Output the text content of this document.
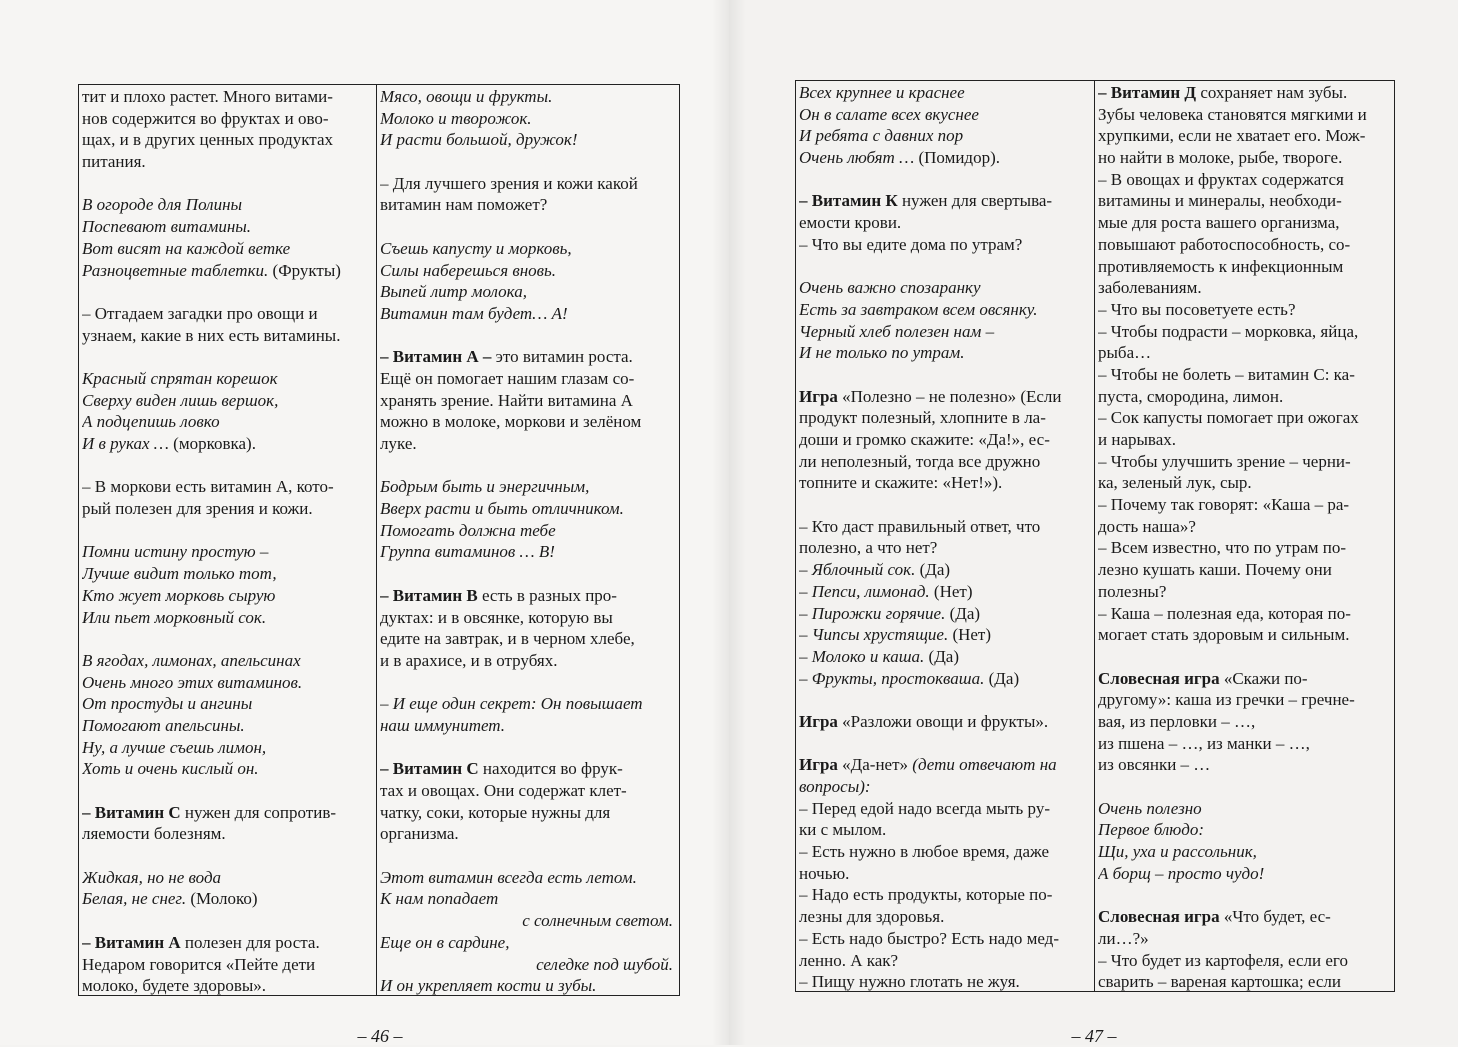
тит и плохо растет. Много витами-
нов содержится во фруктах и ово-
щах, и в других ценных продуктах
питания.
В огороде для Полины
Поспевают витамины.
Вот висят на каждой ветке
Разноцветные таблетки. (Фрукты)
– Отгадаем загадки про овощи и
узнаем, какие в них есть витамины.
Красный спрятан корешок
Сверху виден лишь вершок,
А подцепишь ловко
И в руках … (морковка).
– В моркови есть витамин А, кото-
рый полезен для зрения и кожи.
Помни истину простую –
Лучше видит только тот,
Кто жует морковь сырую
Или пьет морковный сок.
В ягодах, лимонах, апельсинах
Очень много этих витаминов.
От простуды и ангины
Помогают апельсины.
Ну, а лучше съешь лимон,
Хоть и очень кислый он.
– Витамин С нужен для сопротив-
ляемости болезням.
Жидкая, но не вода
Белая, не снег. (Молоко)
– Витамин А полезен для роста.
Недаром говорится «Пейте дети
молоко, будете здоровы».
Мясо, овощи и фрукты.
Молоко и творожок.
И расти большой, дружок!
– Для лучшего зрения и кожи какой
витамин нам поможет?
Съешь капусту и морковь,
Силы наберешься вновь.
Выпей литр молока,
Витамин там будет… А!
– Витамин А – это витамин роста.
Ещё он помогает нашим глазам со-
хранять зрение. Найти витамина А
можно в молоке, моркови и зелёном
луке.
Бодрым быть и энергичным,
Вверх расти и быть отличником.
Помогать должна тебе
Группа витаминов … В!
– Витамин В есть в разных про-
дуктах: и в овсянке, которую вы
едите на завтрак, и в черном хлебе,
и в арахисе, и в отрубях.
– И еще один секрет: Он повышает
наш иммунитет.
– Витамин С находится во фрук-
тах и овощах. Они содержат клет-
чатку, соки, которые нужны для
организма.
Этот витамин всегда есть летом.
К нам попадает
с солнечным светом.
Еще он в сардине,
селедке под шубой.
И он укрепляет кости и зубы.
– 46 –
Всех крупнее и краснее
Он в салате всех вкуснее
И ребята с давних пор
Очень любят … (Помидор).
– Витамин К нужен для свертыва-
емости крови.
– Что вы едите дома по утрам?
Очень важно спозаранку
Есть за завтраком всем овсянку.
Черный хлеб полезен нам –
И не только по утрам.
Игра «Полезно – не полезно» (Если
продукт полезный, хлопните в ла-
доши и громко скажите: «Да!», ес-
ли неполезный, тогда все дружно
топните и скажите: «Нет!»).
– Кто даст правильный ответ, что
полезно, а что нет?
– Яблочный сок. (Да)
– Пепси, лимонад. (Нет)
– Пирожки горячие. (Да)
– Чипсы хрустящие. (Нет)
– Молоко и каша. (Да)
– Фрукты, простокваша. (Да)
Игра «Разложи овощи и фрукты».
Игра «Да-нет» (дети отвечают на
вопросы):
– Перед едой надо всегда мыть ру-
ки с мылом.
– Есть нужно в любое время, даже
ночью.
– Надо есть продукты, которые по-
лезны для здоровья.
– Есть надо быстро? Есть надо мед-
ленно. А как?
– Пищу нужно глотать не жуя.
– Витамин Д сохраняет нам зубы.
Зубы человека становятся мягкими и
хрупкими, если не хватает его. Мож-
но найти в молоке, рыбе, твороге.
– В овощах и фруктах содержатся
витамины и минералы, необходи-
мые для роста вашего организма,
повышают работоспособность, со-
противляемость к инфекционным
заболеваниям.
– Что вы посоветуете есть?
– Чтобы подрасти – морковка, яйца,
рыба…
– Чтобы не болеть – витамин С: ка-
пуста, смородина, лимон.
– Сок капусты помогает при ожогах
и нарывах.
– Чтобы улучшить зрение – черни-
ка, зеленый лук, сыр.
– Почему так говорят: «Каша – ра-
дость наша»?
– Всем известно, что по утрам по-
лезно кушать каши. Почему они
полезны?
– Каша – полезная еда, которая по-
могает стать здоровым и сильным.
Словесная игра «Скажи по-
другому»: каша из гречки – гречне-
вая, из перловки – …,
из пшена – …, из манки – …,
из овсянки – …
Очень полезно
Первое блюдо:
Щи, уха и рассольник,
А борщ – просто чудо!
Словесная игра «Что будет, ес-
ли…?»
– Что будет из картофеля, если его
сварить – вареная картошка; если
– 47 –
